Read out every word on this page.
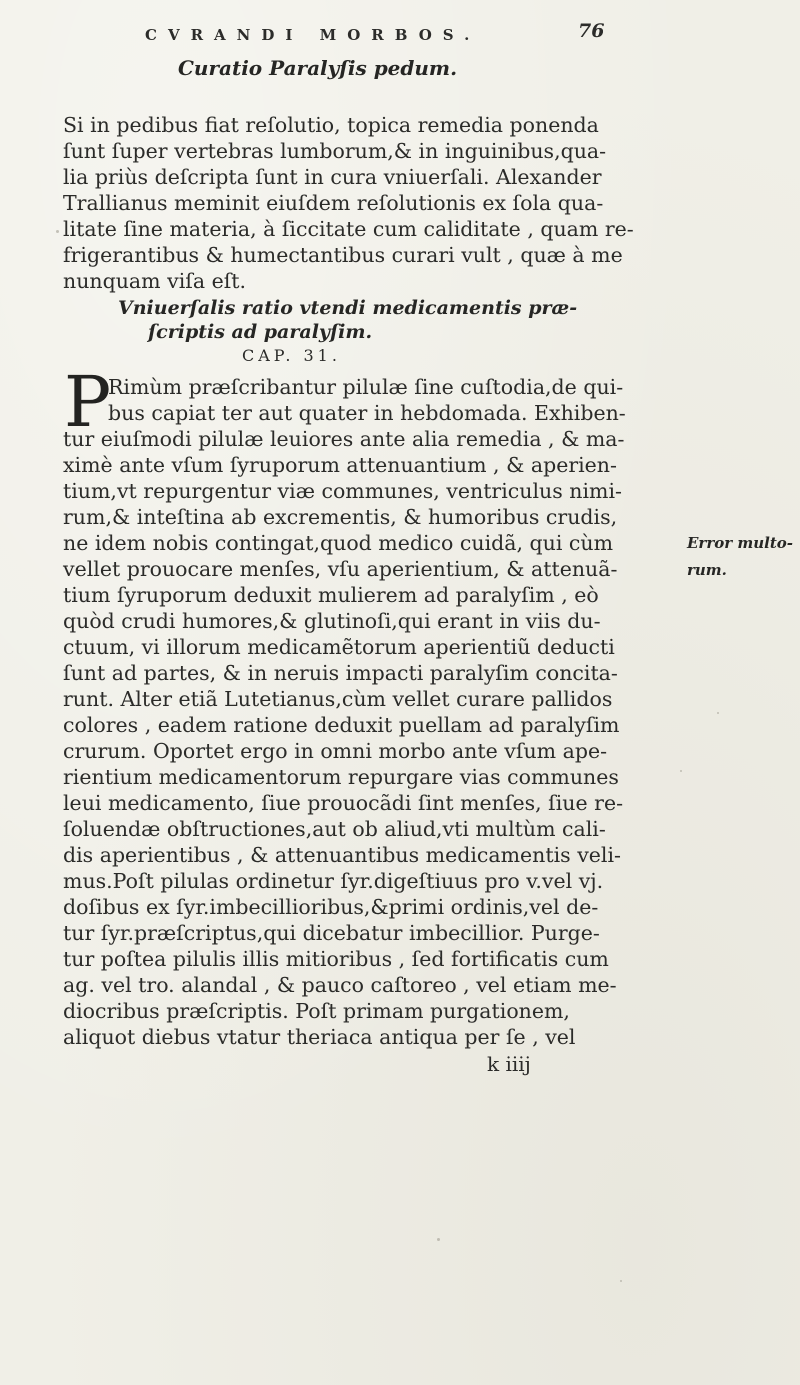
CVRANDI MORBOS.	76
Curatio Paralyſis pedum.
Si in pedibus fiat reſolutio, topica remedia ponenda
ſunt ſuper vertebras lumborum,& in inguinibus,qua-
lia priùs deſcripta ſunt in cura vniuerſali. Alexander
Trallianus meminit eiuſdem reſolutionis ex ſola qua-
litate ſine materia, à ſiccitate cum caliditate , quam re-
frigerantibus & humectantibus curari vult , quæ à me
nunquam viſa eſt.
Vniuerſalis ratio vtendi medicamentis præ-
ſcriptis ad paralyſim.
CAP. 31.
P
Rimùm præſcribantur pilulæ ſine cuſtodia,de qui-
bus capiat ter aut quater in hebdomada. Exhiben-
tur eiuſmodi pilulæ leuiores ante alia remedia , & ma-
ximè ante vſum ſyruporum attenuantium , & aperien-
tium,vt repurgentur viæ communes, ventriculus nimi-
rum,& inteſtina ab excrementis, & humoribus crudis,
ne idem nobis contingat,quod medico cuidã, qui cùm
vellet prouocare menſes, vſu aperientium, & attenuã-
tium ſyruporum deduxit mulierem ad paralyſim , eò
quòd crudi humores,& glutinoſi,qui erant in viis du-
ctuum, vi illorum medicamẽtorum aperientiũ deducti
ſunt ad partes, & in neruis impacti paralyſim concita-
runt. Alter etiã Lutetianus,cùm vellet curare pallidos
colores , eadem ratione deduxit puellam ad paralyſim
crurum. Oportet ergo in omni morbo ante vſum ape-
rientium medicamentorum repurgare vias communes
leui medicamento, ſiue prouocãdi ſint menſes, ſiue re-
ſoluendæ obſtructiones,aut ob aliud,vti multùm cali-
dis aperientibus , & attenuantibus medicamentis veli-
mus.Poſt pilulas ordinetur ſyr.digeſtiuus pro v.vel vj.
doſibus ex ſyr.imbecillioribus,&primi ordinis,vel de-
tur ſyr.præſcriptus,qui dicebatur imbecillior. Purge-
tur poſtea pilulis illis mitioribus , ſed fortificatis cum
ag. vel tro. alandal , & pauco caſtoreo , vel etiam me-
diocribus præſcriptis. Poſt primam purgationem,
aliquot diebus vtatur theriaca antiqua per ſe , vel
Error multo-
rum.
k iiij
